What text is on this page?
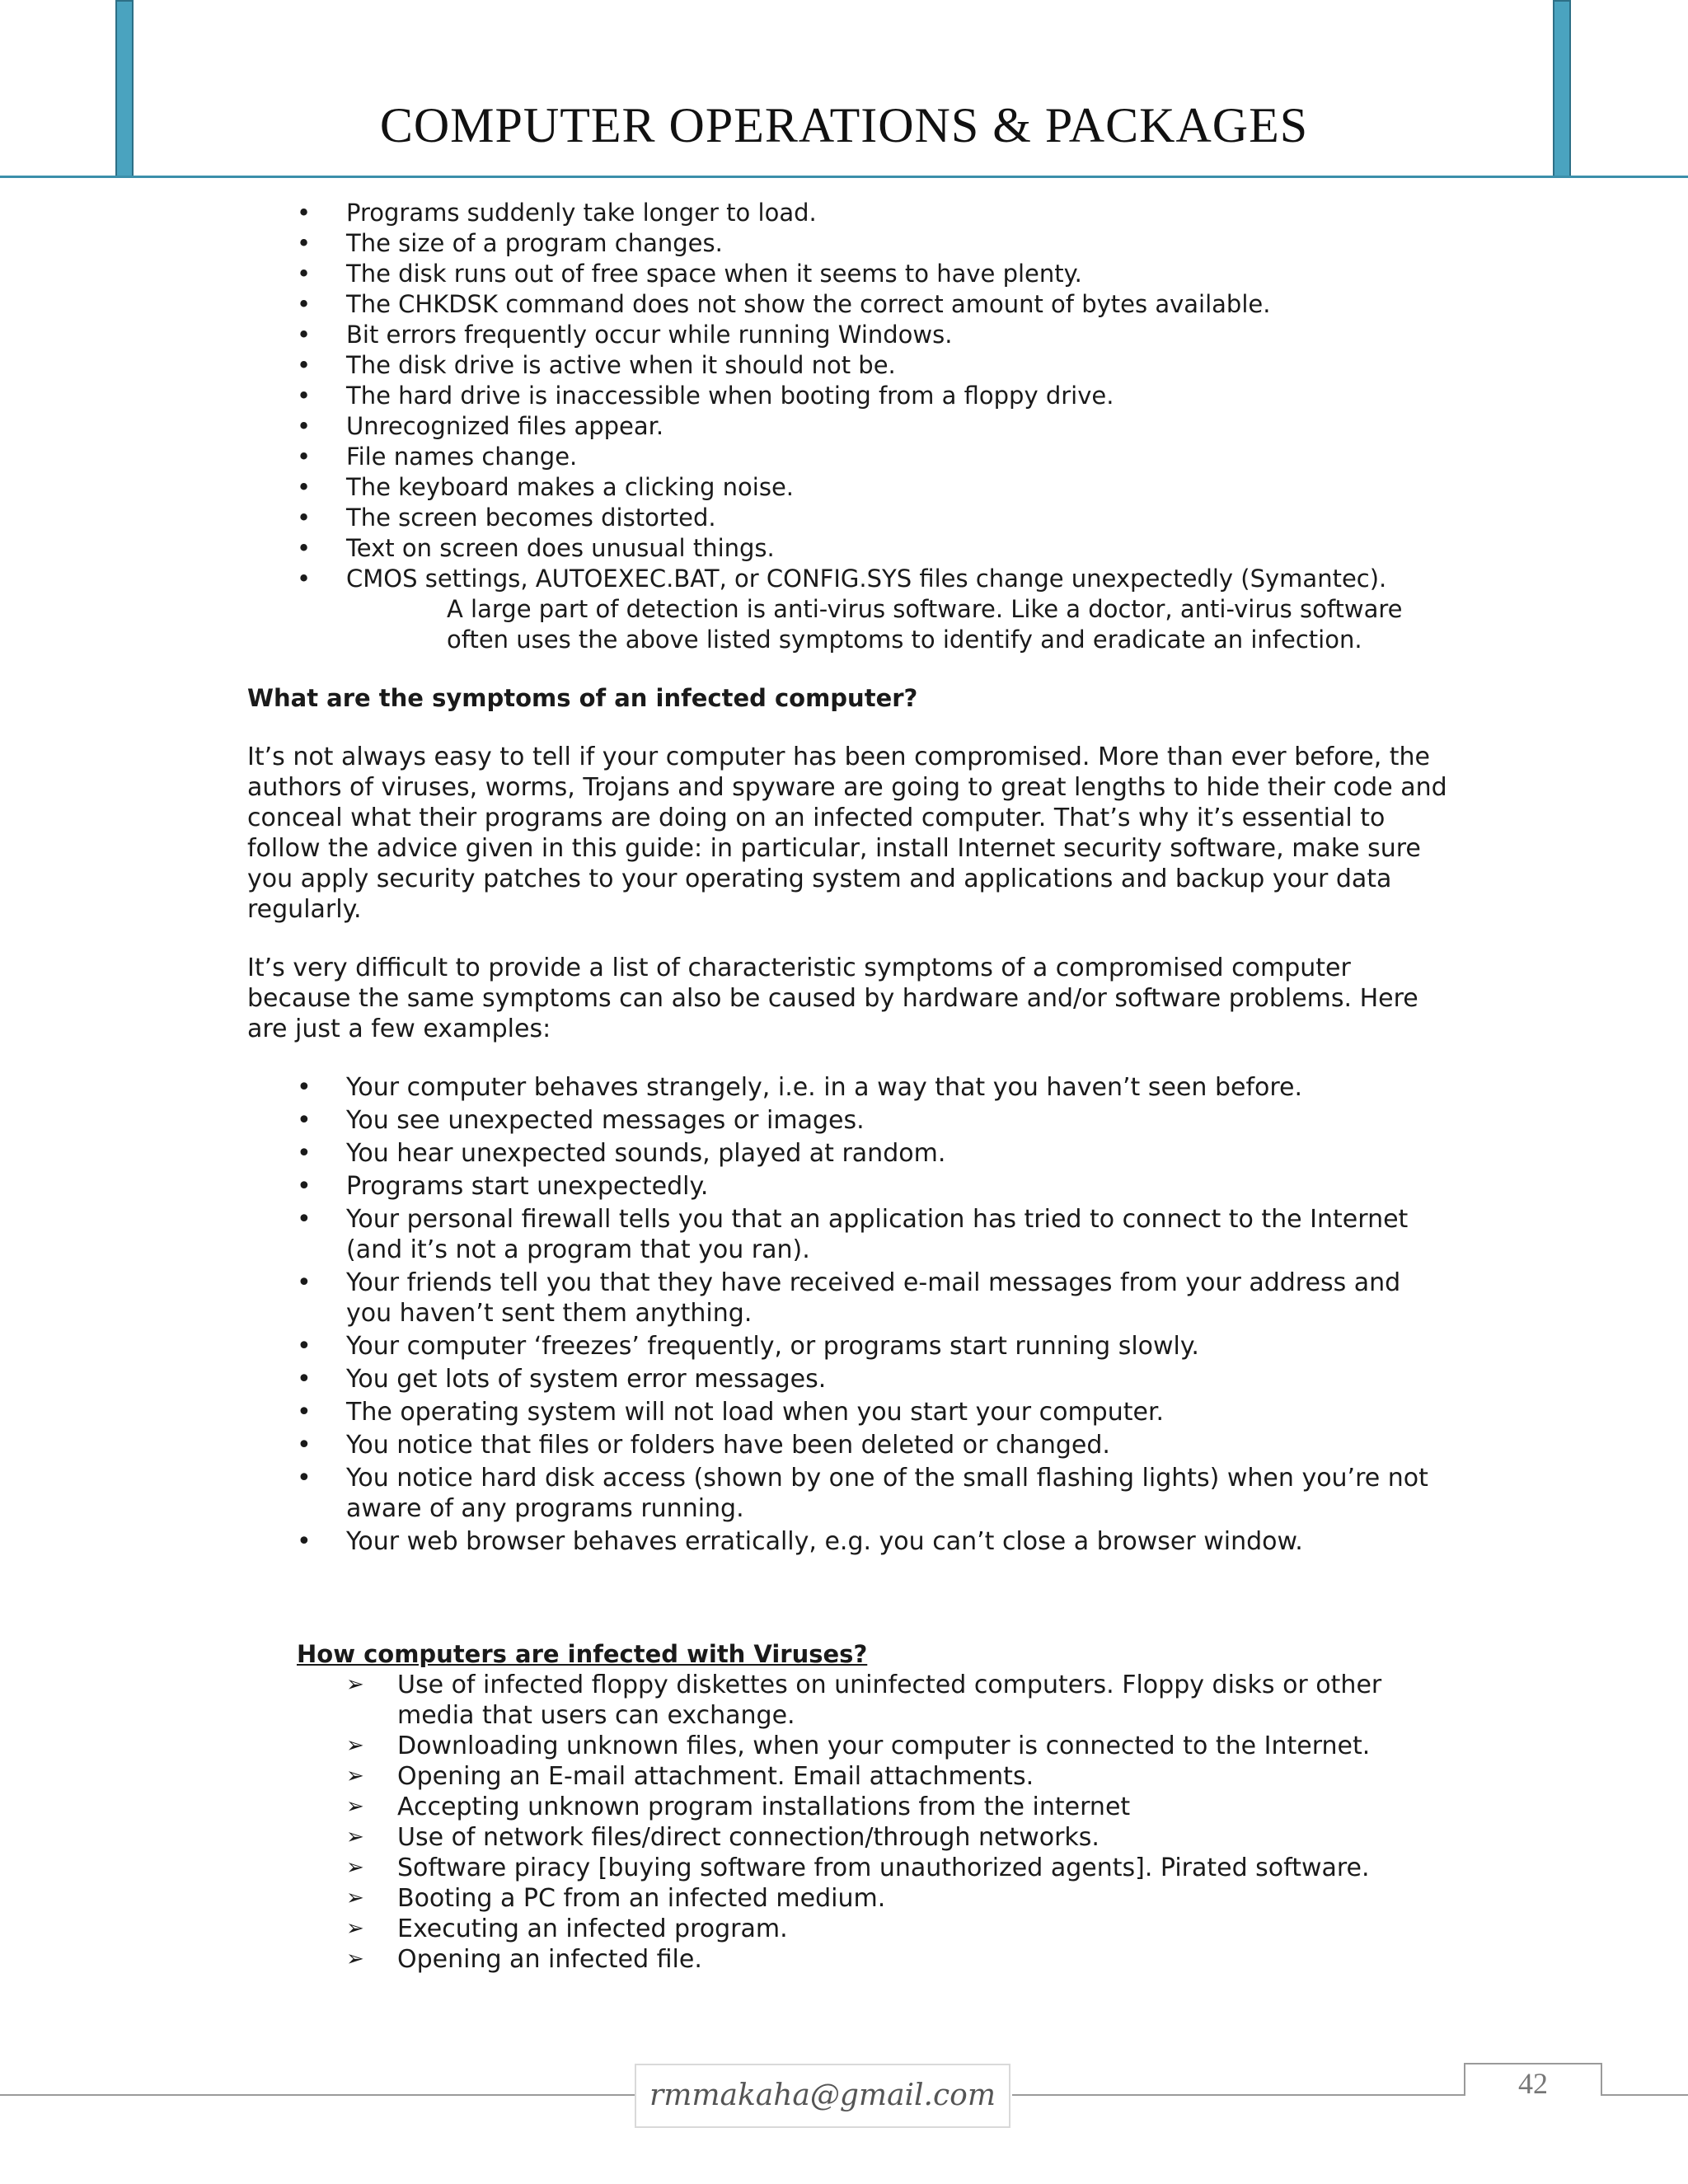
COMPUTER OPERATIONS & PACKAGES
• Programs suddenly take longer to load.
• The size of a program changes.
• The disk runs out of free space when it seems to have plenty.
• The CHKDSK command does not show the correct amount of bytes available.
• Bit errors frequently occur while running Windows.
• The disk drive is active when it should not be.
• The hard drive is inaccessible when booting from a floppy drive.
• Unrecognized files appear.
• File names change.
• The keyboard makes a clicking noise.
• The screen becomes distorted.
• Text on screen does unusual things.
• CMOS settings, AUTOEXEC.BAT, or CONFIG.SYS files change unexpectedly (Symantec).

A large part of detection is anti-virus software. Like a doctor, anti-virus software often uses the above listed symptoms to identify and eradicate an infection.

What are the symptoms of an infected computer?

It’s not always easy to tell if your computer has been compromised. More than ever before, the authors of viruses, worms, Trojans and spyware are going to great lengths to hide their code and conceal what their programs are doing on an infected computer. That’s why it’s essential to follow the advice given in this guide: in particular, install Internet security software, make sure you apply security patches to your operating system and applications and backup your data regularly.

It’s very difficult to provide a list of characteristic symptoms of a compromised computer because the same symptoms can also be caused by hardware and/or software problems. Here are just a few examples:

• Your computer behaves strangely, i.e. in a way that you haven’t seen before.
• You see unexpected messages or images.
• You hear unexpected sounds, played at random.
• Programs start unexpectedly.
• Your personal firewall tells you that an application has tried to connect to the Internet (and it’s not a program that you ran).
• Your friends tell you that they have received e-mail messages from your address and you haven’t sent them anything.
• Your computer ‘freezes’ frequently, or programs start running slowly.
• You get lots of system error messages.
• The operating system will not load when you start your computer.
• You notice that files or folders have been deleted or changed.
• You notice hard disk access (shown by one of the small flashing lights) when you’re not aware of any programs running.
• Your web browser behaves erratically, e.g. you can’t close a browser window.
How computers are infected with Viruses?
➢ Use of infected floppy diskettes on uninfected computers. Floppy disks or other media that users can exchange.
➢ Downloading unknown files, when your computer is connected to the Internet.
➢ Opening an E-mail attachment. Email attachments.
➢ Accepting unknown program installations from the internet
➢ Use of network files/direct connection/through networks.
➢ Software piracy [buying software from unauthorized agents]. Pirated software.
➢ Booting a PC from an infected medium.
➢ Executing an infected program.
➢ Opening an infected file.
rmmakaha@gmail.com	42
